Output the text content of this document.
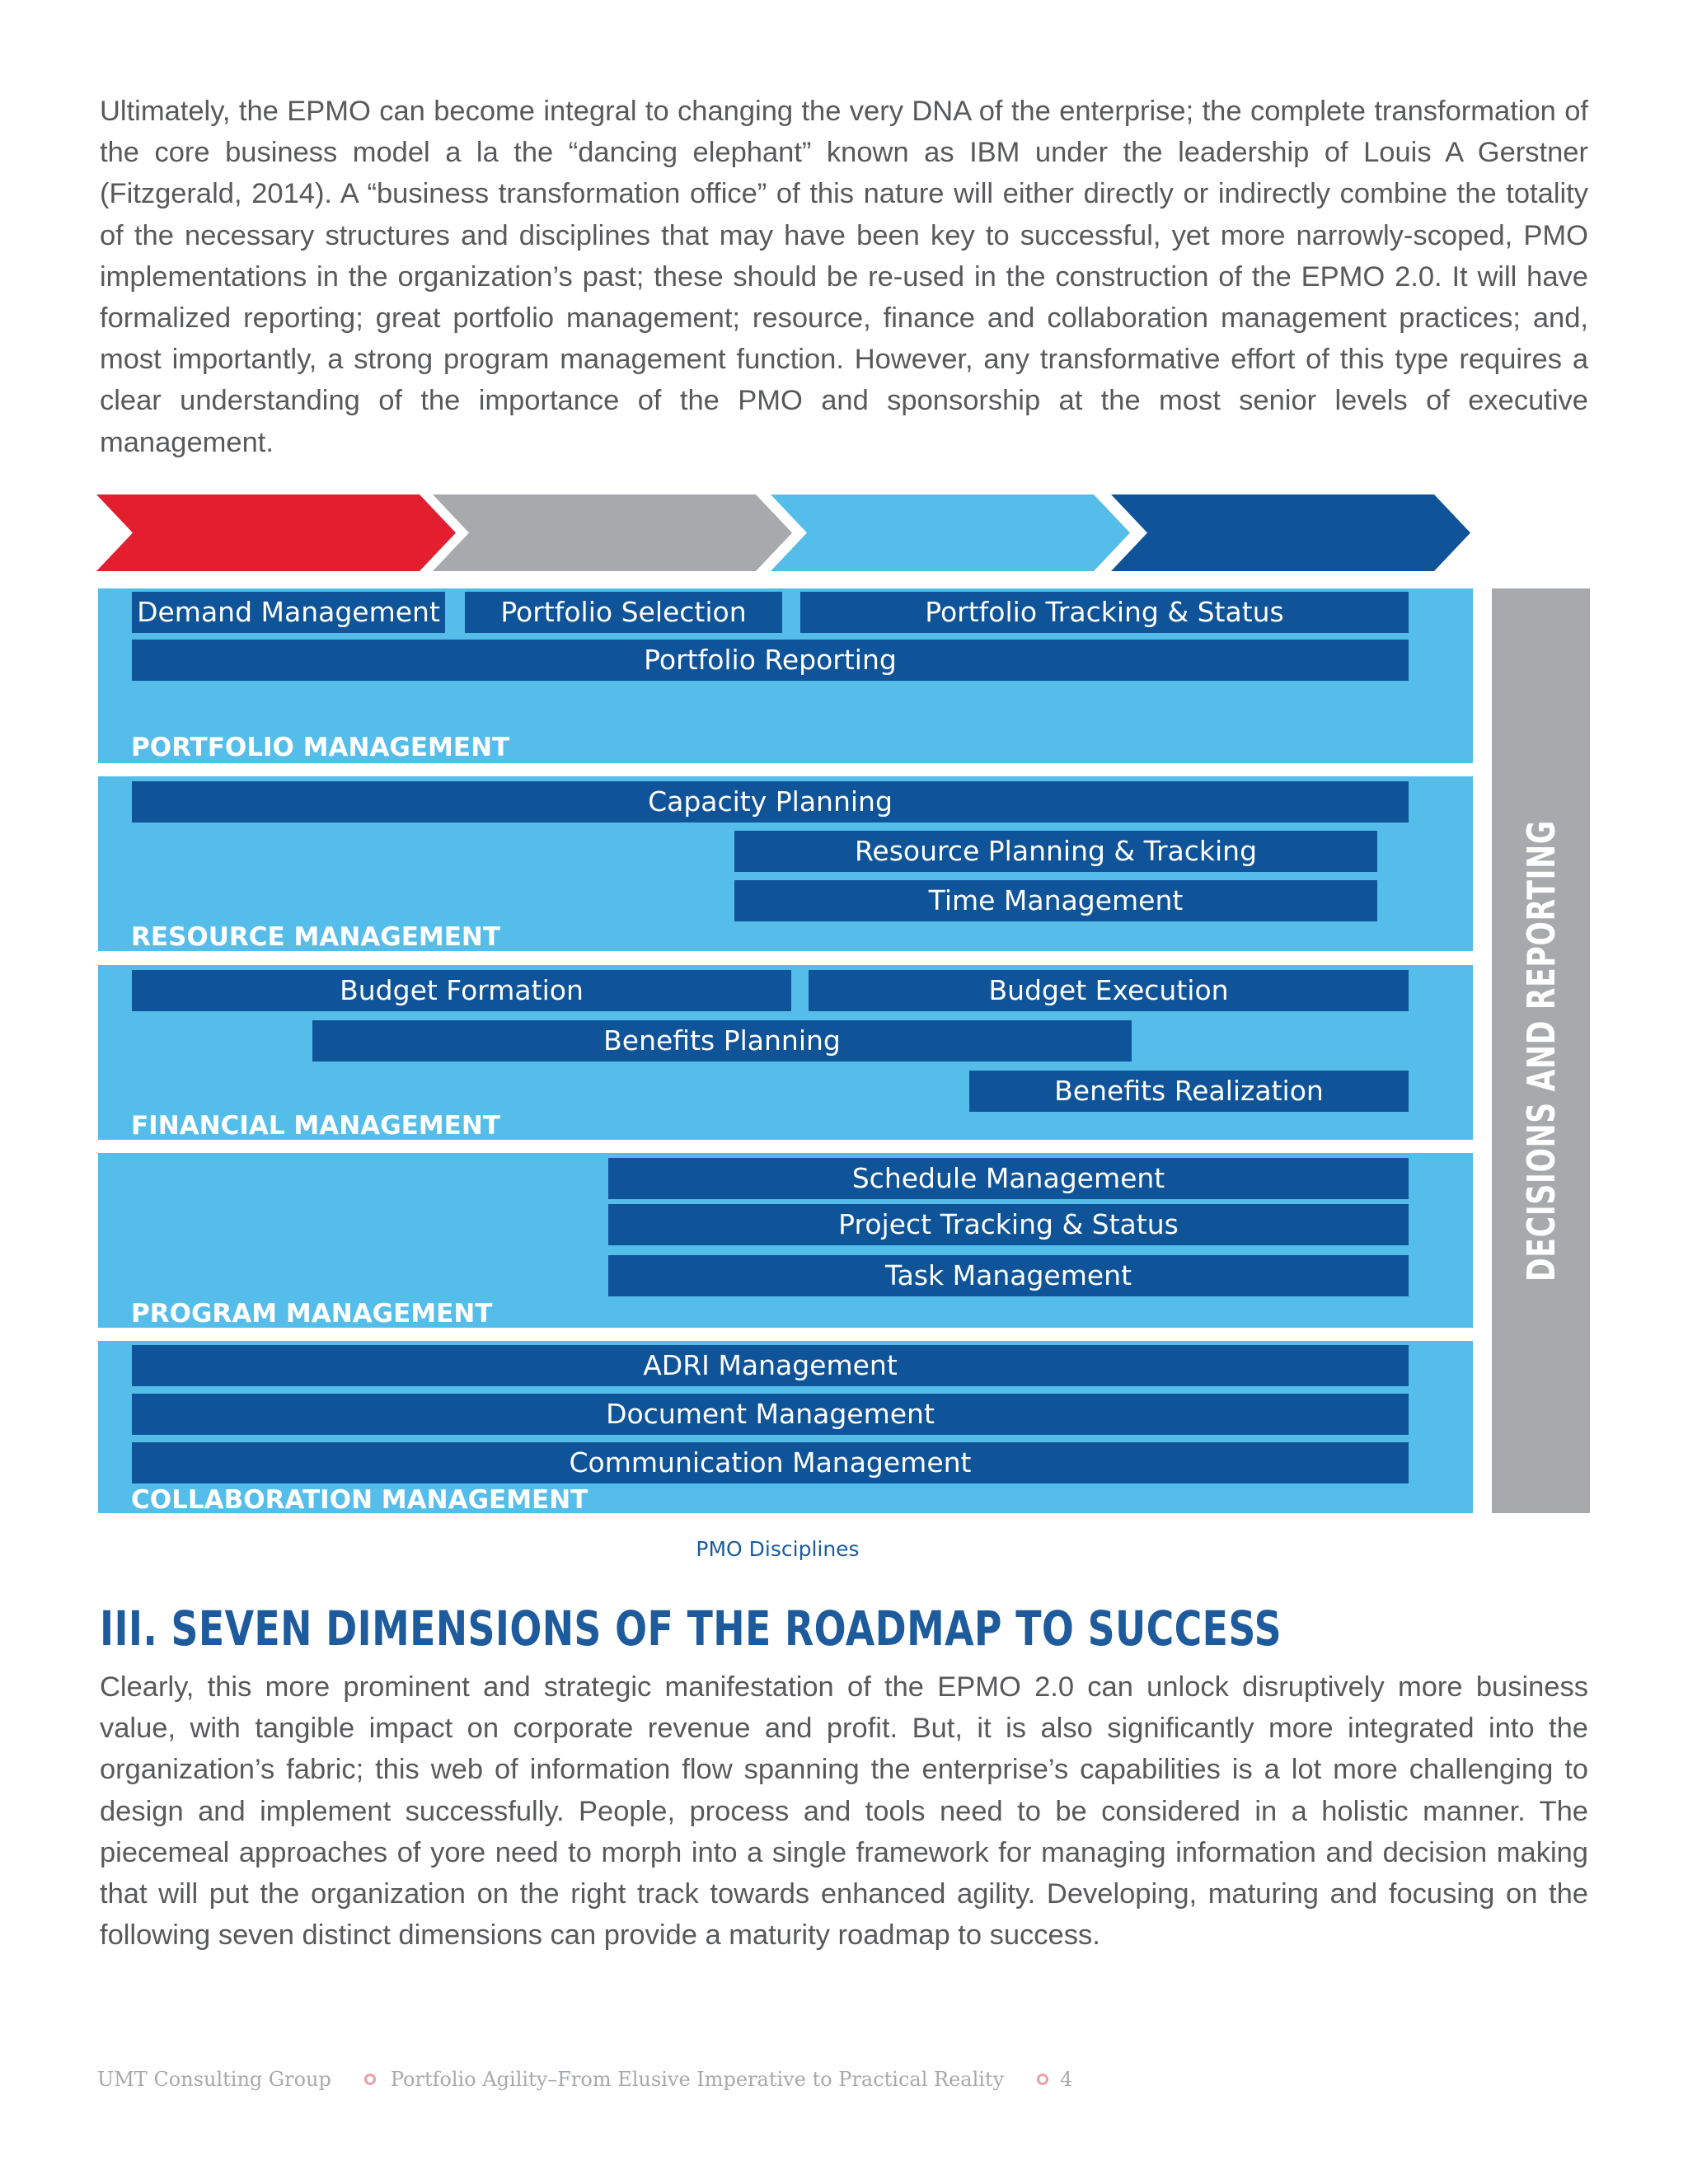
Ultimately, the EPMO can become integral to changing the very DNA of the enterprise; the complete transformation of the core business model a la the “dancing elephant” known as IBM under the leadership of Louis A Gerstner (Fitzgerald, 2014). A “business transformation office” of this nature will either directly or indirectly combine the totality of the necessary structures and disciplines that may have been key to successful, yet more narrowly-scoped, PMO implementations in the organization’s past; these should be re-used in the construction of the EPMO 2.0. It will have formalized reporting; great portfolio management; resource, finance and collaboration management practices; and, most importantly, a strong program management function. However, any transformative effort of this type requires a clear understanding of the importance of the PMO and sponsorship at the most senior levels of executive management.

CREATE	SELECT	PLAN	MANAGE
Demand Management	Portfolio Selection	Portfolio Tracking & Status
Portfolio Reporting
PORTFOLIO MANAGEMENT
Capacity Planning
Resource Planning & Tracking
Time Management
RESOURCE MANAGEMENT
Budget Formation	Budget Execution
Benefits Planning
Benefits Realization
FINANCIAL MANAGEMENT
Schedule Management
Project Tracking & Status
Task Management
PROGRAM MANAGEMENT
ADRI Management
Document Management
Communication Management
COLLABORATION MANAGEMENT
DECISIONS AND REPORTING
PMO Disciplines
III. SEVEN DIMENSIONS OF THE ROADMAP TO SUCCESS

Clearly, this more prominent and strategic manifestation of the EPMO 2.0 can unlock disruptively more business value, with tangible impact on corporate revenue and profit. But, it is also significantly more integrated into the organization’s fabric; this web of information flow spanning the enterprise’s capabilities is a lot more challenging to design and implement successfully. People, process and tools need to be considered in a holistic manner. The piecemeal approaches of yore need to morph into a single framework for managing information and decision making that will put the organization on the right track towards enhanced agility. Developing, maturing and focusing on the following seven distinct dimensions can provide a maturity roadmap to success.

UMT Consulting Group	Portfolio Agility–From Elusive Imperative to Practical Reality	4
